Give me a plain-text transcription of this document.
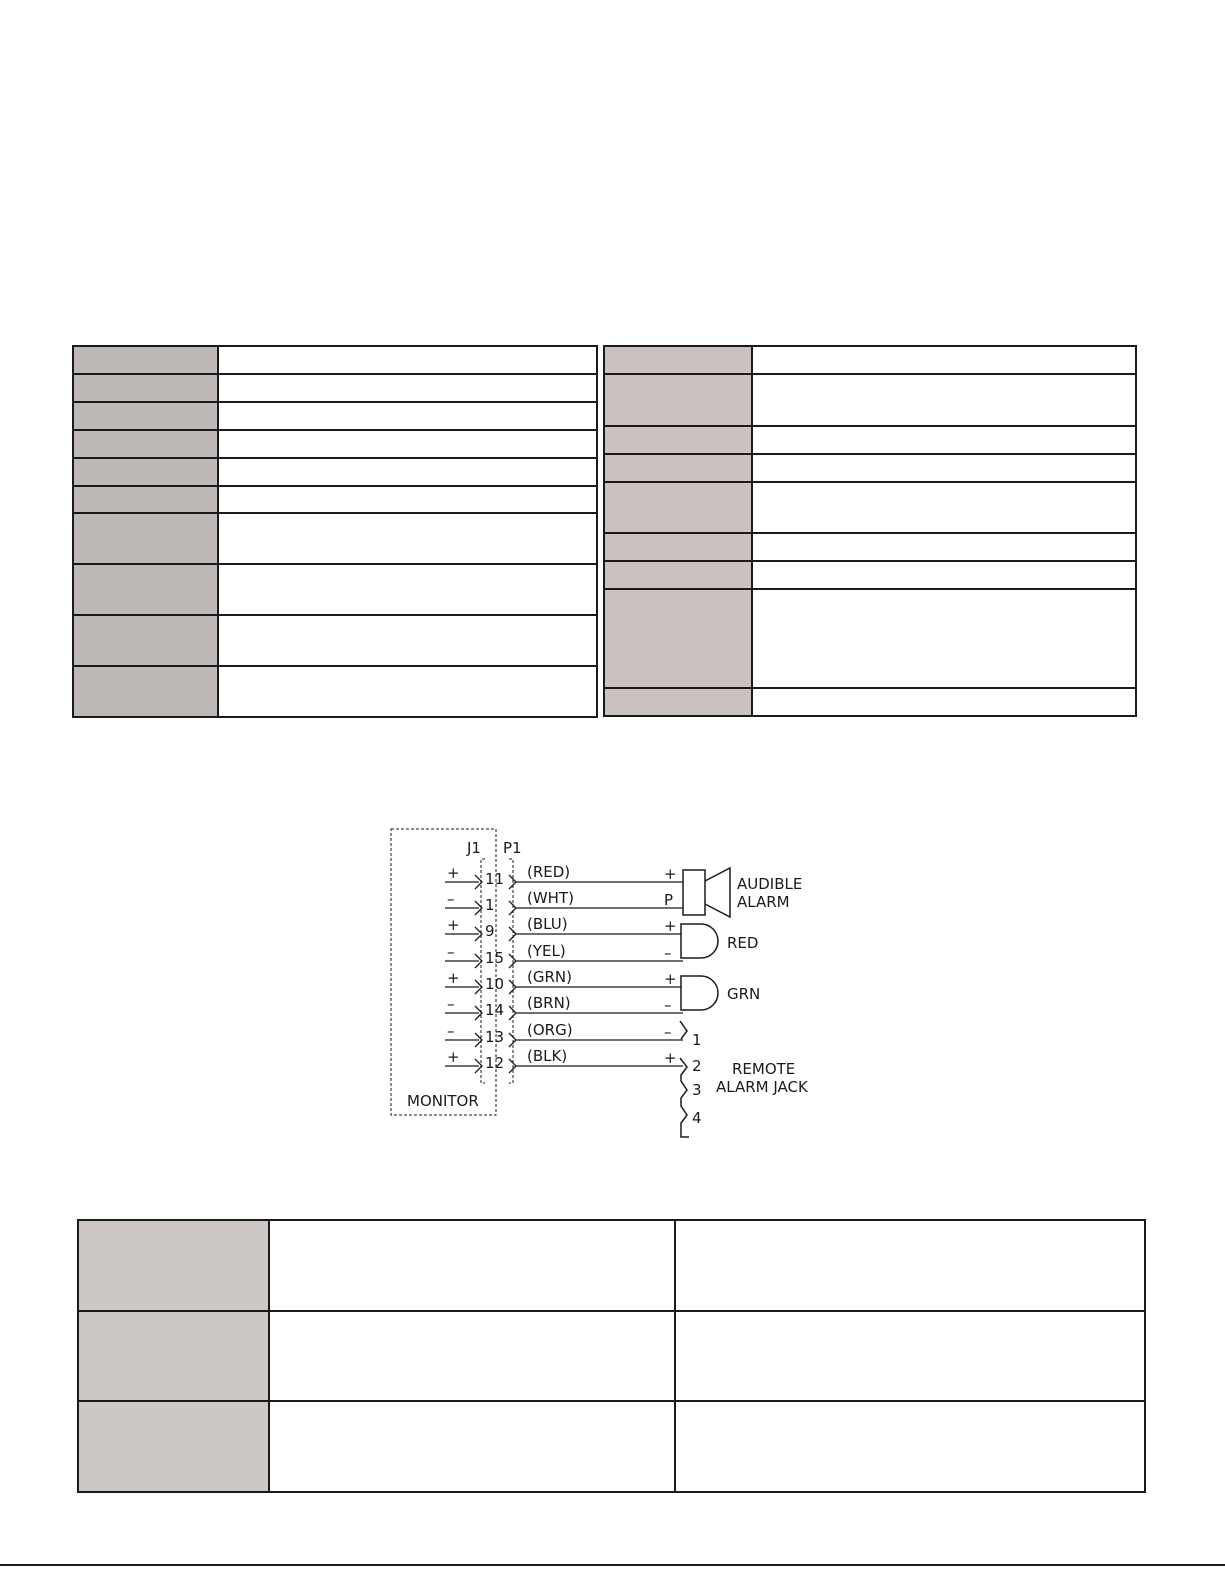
MONITOR
J1 P1
+ 11 (RED)	+
– 1 (WHT)	P
+ 9 (BLU)	+
– 15 (YEL)	–
+ 10 (GRN)	+
– 14 (BRN)	–
– 13 (ORG)	–
+ 12 (BLK)	+
AUDIBLE
ALARM
RED
GRN
1
2
3
4
REMOTE
ALARM JACK
